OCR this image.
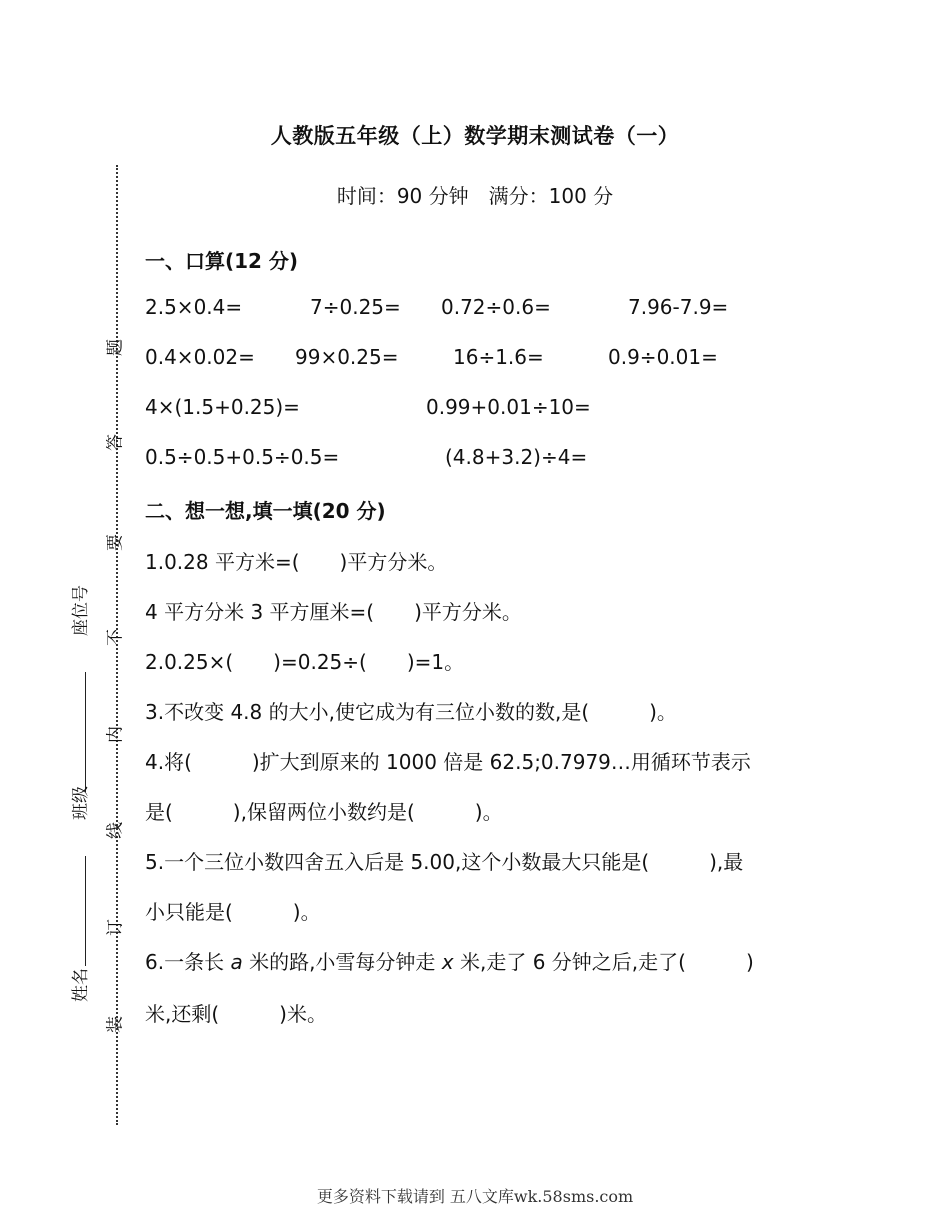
人教版五年级（上）数学期末测试卷（一）
时间：90 分钟　满分：100 分
题
答
要
不
内
线
订
装
座位号
班级
姓名
一、口算(12 分)
2.5×0.4=	7÷0.25= 0.72÷0.6=	7.96-7.9=
0.4×0.02= 99×0.25=	16÷1.6=	0.9÷0.01=
4×(1.5+0.25)=	0.99+0.01÷10=
0.5÷0.5+0.5÷0.5=	(4.8+3.2)÷4=
二、想一想,填一填(20 分)
1.0.28 平方米=(　　)平方分米。
4 平方分米 3 平方厘米=(　　)平方分米。
2.0.25×(　　)=0.25÷(　　)=1。
3.不改变 4.8 的大小,使它成为有三位小数的数,是(　　　)。
4.将(　　　)扩大到原来的 1000 倍是 62.5;0.7979…用循环节表示
是(　　　),保留两位小数约是(　　　)。
5.一个三位小数四舍五入后是 5.00,这个小数最大只能是(　　　),最
小只能是(　　　)。
6.一条长 a 米的路,小雪每分钟走 x 米,走了 6 分钟之后,走了(　　　)
米,还剩(　　　)米。
更多资料下载请到 五八文库wk.58sms.com
